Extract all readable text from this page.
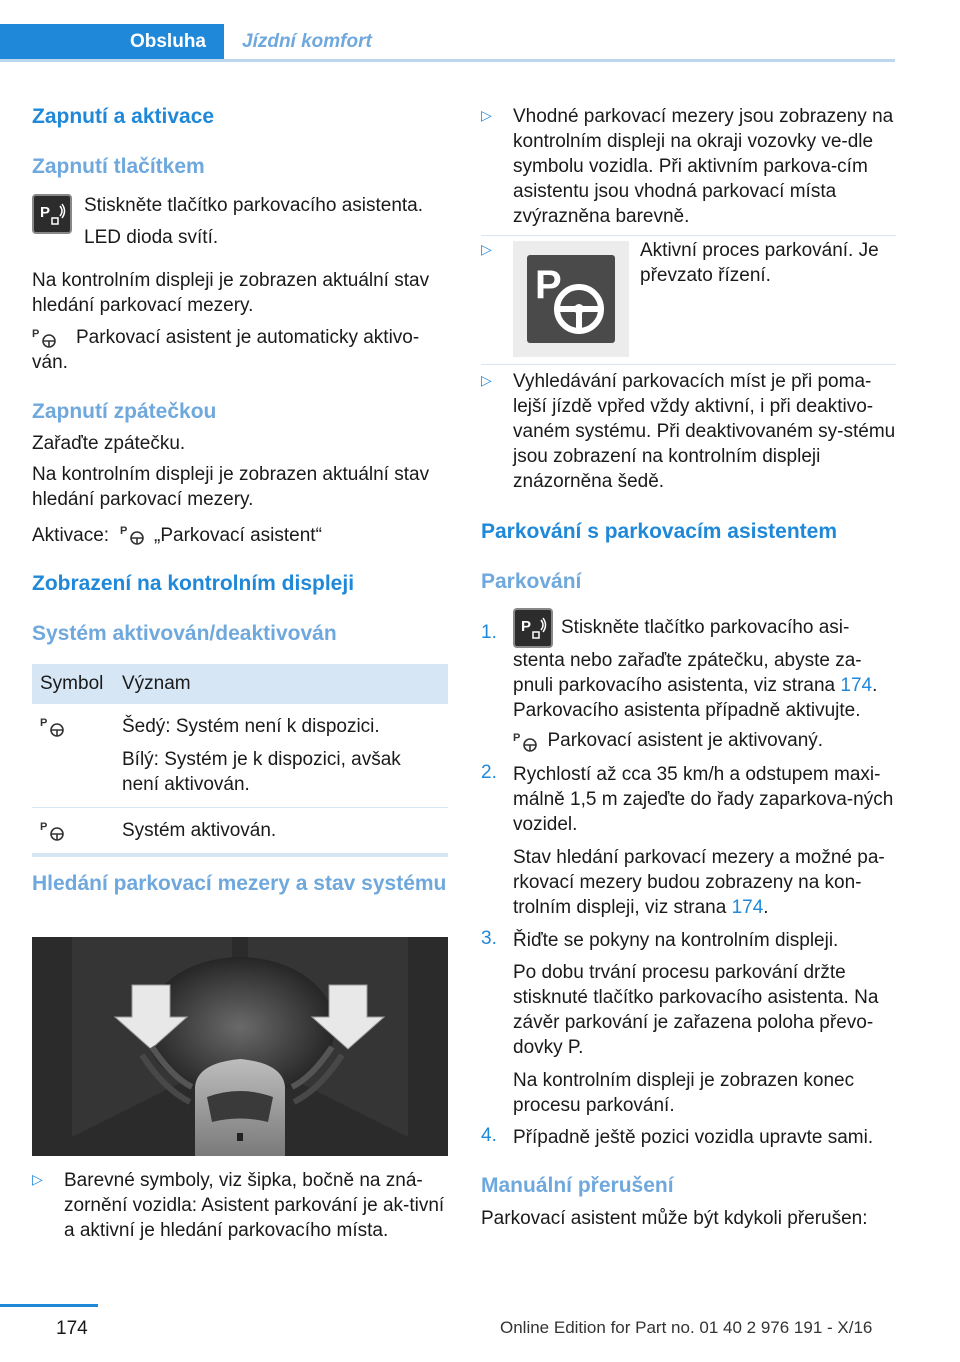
Obsluha	Jízdní komfort
Zapnutí a aktivace
Zapnutí tlačítkem
P Stiskněte tlačítko parkovacího asistenta.
LED dioda svítí.
Na kontrolním displeji je zobrazen aktuální stav hledání parkovací mezery.
P	Parkovací asistent je automaticky aktivo-ván.
Zapnutí zpátečkou
Zařaďte zpátečku.
Na kontrolním displeji je zobrazen aktuální stav hledání parkovací mezery.
Aktivace: P „Parkovací asistent“
Zobrazení na kontrolním displeji
Systém aktivován/deaktivován
Symbol	Význam

P	Šedý: Systém není k dispozici.
Bílý: Systém je k dispozici, avšak není aktivován.

P	Systém aktivován.
Hledání parkovací mezery a stav systému
▷	Barevné symboly, viz šipka, bočně na zná-zornění vozidla: Asistent parkování je ak-tivní a aktivní je hledání parkovacího místa.
▷	Vhodné parkovací mezery jsou zobrazeny na kontrolním displeji na okraji vozovky ve-dle symbolu vozidla. Při aktivním parkova-cím asistentu jsou vhodná parkovací místa zvýrazněna barevně.
▷
P
Aktivní proces parkování. Je převzato řízení.
▷	Vyhledávání parkovacích míst je při poma-lejší jízdě vpřed vždy aktivní, i při deaktivo-vaném systému. Při deaktivovaném sy-stému jsou zobrazení na kontrolním displeji znázorněna šedě.
Parkování s parkovacím asistentem
Parkování
1.	P Stiskněte tlačítko parkovacího asi-stenta nebo zařaďte zpátečku, abyste za-pnuli parkovacího asistenta, viz strana 174. Parkovacího asistenta případně aktivujte.
P Parkovací asistent je aktivovaný.
2. Rychlostí až cca 35 km/h a odstupem maxi-málně 1,5 m zajeďte do řady zaparkova-ných vozidel.
Stav hledání parkovací mezery a možné pa-rkovací mezery budou zobrazeny na kon-trolním displeji, viz strana 174.
3. Řiďte se pokyny na kontrolním displeji.
Po dobu trvání procesu parkování držte stisknuté tlačítko parkovacího asistenta. Na závěr parkování je zařazena poloha převo-dovky P.
Na kontrolním displeji je zobrazen konec procesu parkování.
4. Případně ještě pozici vozidla upravte sami.
Manuální přerušení
Parkovací asistent může být kdykoli přerušen:
174	Online Edition for Part no. 01 40 2 976 191 - X/16
